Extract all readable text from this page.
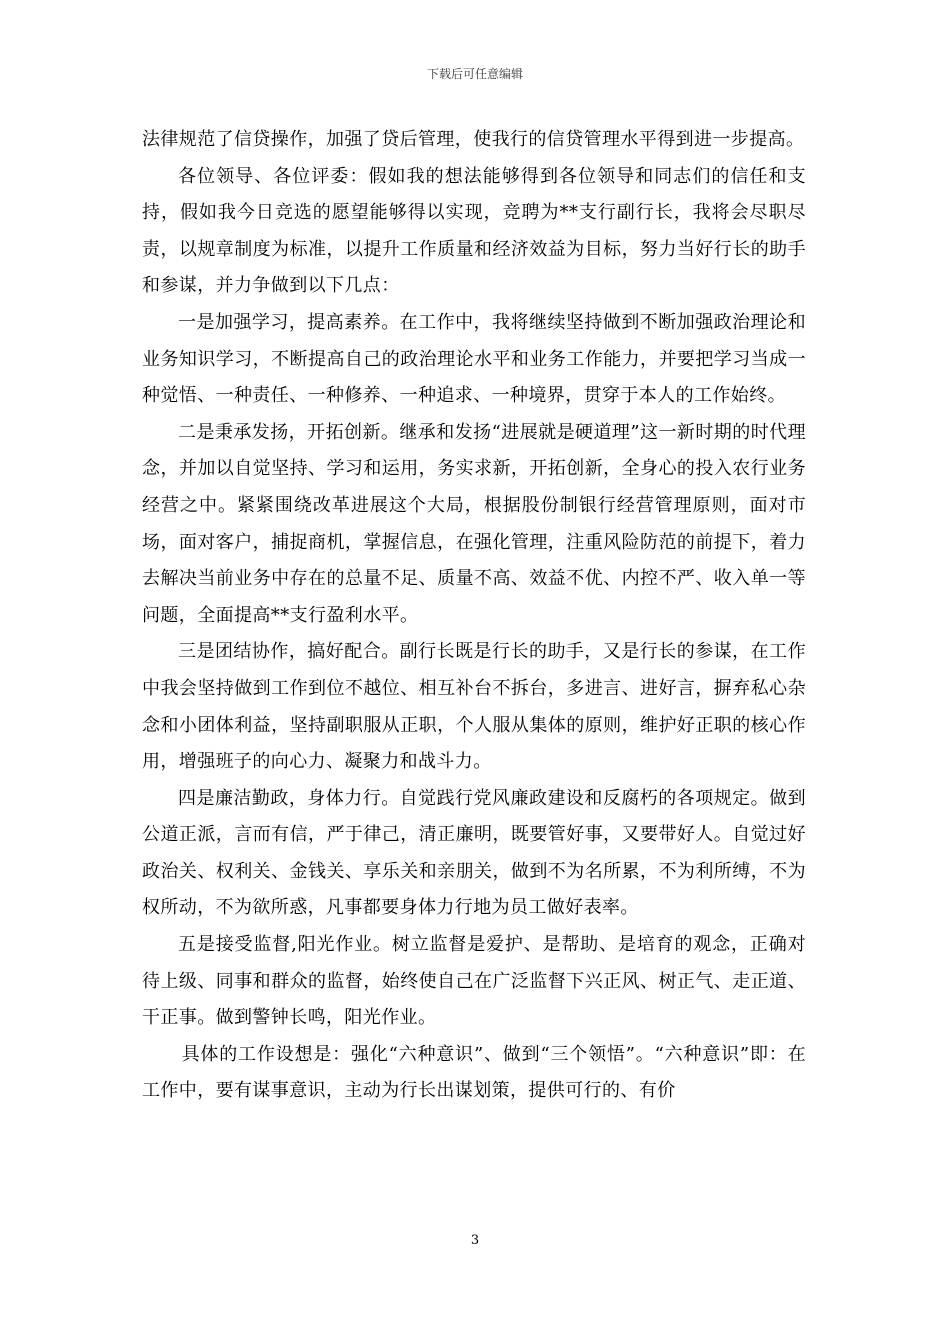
下载后可任意编辑

法律规范了信贷操作，加强了贷后管理，使我行的信贷管理水平得到进一步提高。

各位领导、各位评委：假如我的想法能够得到各位领导和同志们的信任和支持，假如我今日竞选的愿望能够得以实现，竞聘为**支行副行长，我将会尽职尽责，以规章制度为标准，以提升工作质量和经济效益为目标，努力当好行长的助手和参谋，并力争做到以下几点：

一是加强学习，提高素养。在工作中，我将继续坚持做到不断加强政治理论和业务知识学习，不断提高自己的政治理论水平和业务工作能力，并要把学习当成一种觉悟、一种责任、一种修养、一种追求、一种境界，贯穿于本人的工作始终。

二是秉承发扬，开拓创新。继承和发扬“进展就是硬道理”这一新时期的时代理念，并加以自觉坚持、学习和运用，务实求新，开拓创新，全身心的投入农行业务经营之中。紧紧围绕改革进展这个大局，根据股份制银行经营管理原则，面对市场，面对客户，捕捉商机，掌握信息，在强化管理，注重风险防范的前提下，着力去解决当前业务中存在的总量不足、质量不高、效益不优、内控不严、收入单一等问题，全面提高**支行盈利水平。

三是团结协作，搞好配合。副行长既是行长的助手，又是行长的参谋，在工作中我会坚持做到工作到位不越位、相互补台不拆台，多进言、进好言，摒弃私心杂念和小团体利益，坚持副职服从正职，个人服从集体的原则，维护好正职的核心作用，增强班子的向心力、凝聚力和战斗力。

四是廉洁勤政，身体力行。自觉践行党风廉政建设和反腐朽的各项规定。做到公道正派，言而有信，严于律己，清正廉明，既要管好事，又要带好人。自觉过好政治关、权利关、金钱关、享乐关和亲朋关，做到不为名所累，不为利所缚，不为权所动，不为欲所惑，凡事都要身体力行地为员工做好表率。

五是接受监督,阳光作业。树立监督是爱护、是帮助、是培育的观念，正确对待上级、同事和群众的监督，始终使自己在广泛监督下兴正风、树正气、走正道、干正事。做到警钟长鸣，阳光作业。

具体的工作设想是：强化“六种意识”、做到“三个领悟”。“六种意识”即：在工作中，要有谋事意识，主动为行长出谋划策，提供可行的、有价

3
